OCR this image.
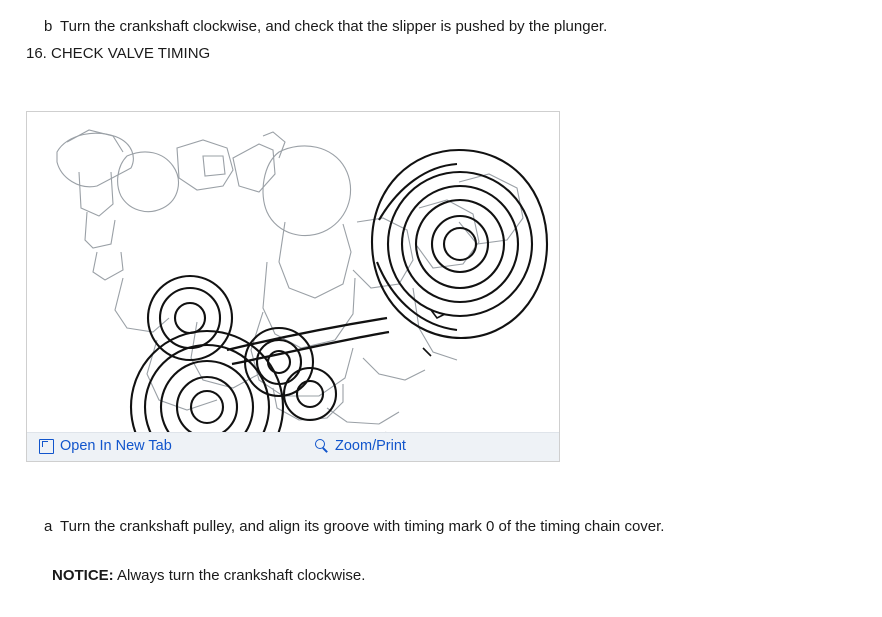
b Turn the crankshaft clockwise, and check that the slipper is pushed by the plunger.
16. CHECK VALVE TIMING
Open In New Tab	Zoom/Print
a Turn the crankshaft pulley, and align its groove with timing mark 0 of the timing chain cover.
NOTICE: Always turn the crankshaft clockwise.
